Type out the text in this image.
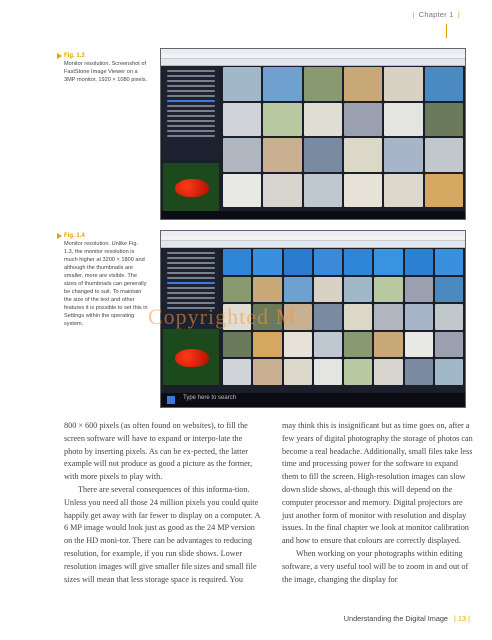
| Chapter 1 |
Fig. 1.3
Monitor resolution. Screenshot of FastStone Image Viewer on a 3MP monitor, 1920 × 1080 pixels.
Fig. 1.4
Monitor resolution. Unlike Fig. 1.3, the monitor resolution is much higher at 3200 × 1800 and although the thumbnails are smaller, more are visible. The sizes of thumbnails can generally be changed to suit. To maintain the size of the text and other features it is possible to set this in Settings within the operating system.
Type here to search
Copyrighted M

800 × 600 pixels (as often found on websites), to fill the screen software will have to expand or interpo-late the photo by inserting pixels. As can be ex-pected, the latter example will not produce as good a picture as the former, with more pixels to play with.

There are several consequences of this informa-tion. Unless you need all those 24 million pixels you could quite happily get away with far fewer to display on a computer. A 6 MP image would look just as good as the 24 MP version on the HD moni-tor. There can be advantages to reducing resolution, for example, if you run slide shows. Lower resolution images will give smaller file sizes and small file sizes will mean that less storage space is required. You

may think this is insignificant but as time goes on, after a few years of digital photography the storage of photos can become a real headache. Additionally, small files take less time and processing power for the software to expand them to fill the screen. High-resolution images can slow down slide shows, al-though this will depend on the computer processor and memory. Digital projectors are just another form of monitor with resolution and display issues. In the final chapter we look at monitor calibration and how to ensure that colours are correctly displayed.

When working on your photographs within editing software, a very useful tool will be to zoom in and out of the image, changing the display for

Understanding the Digital Image | 13 |
